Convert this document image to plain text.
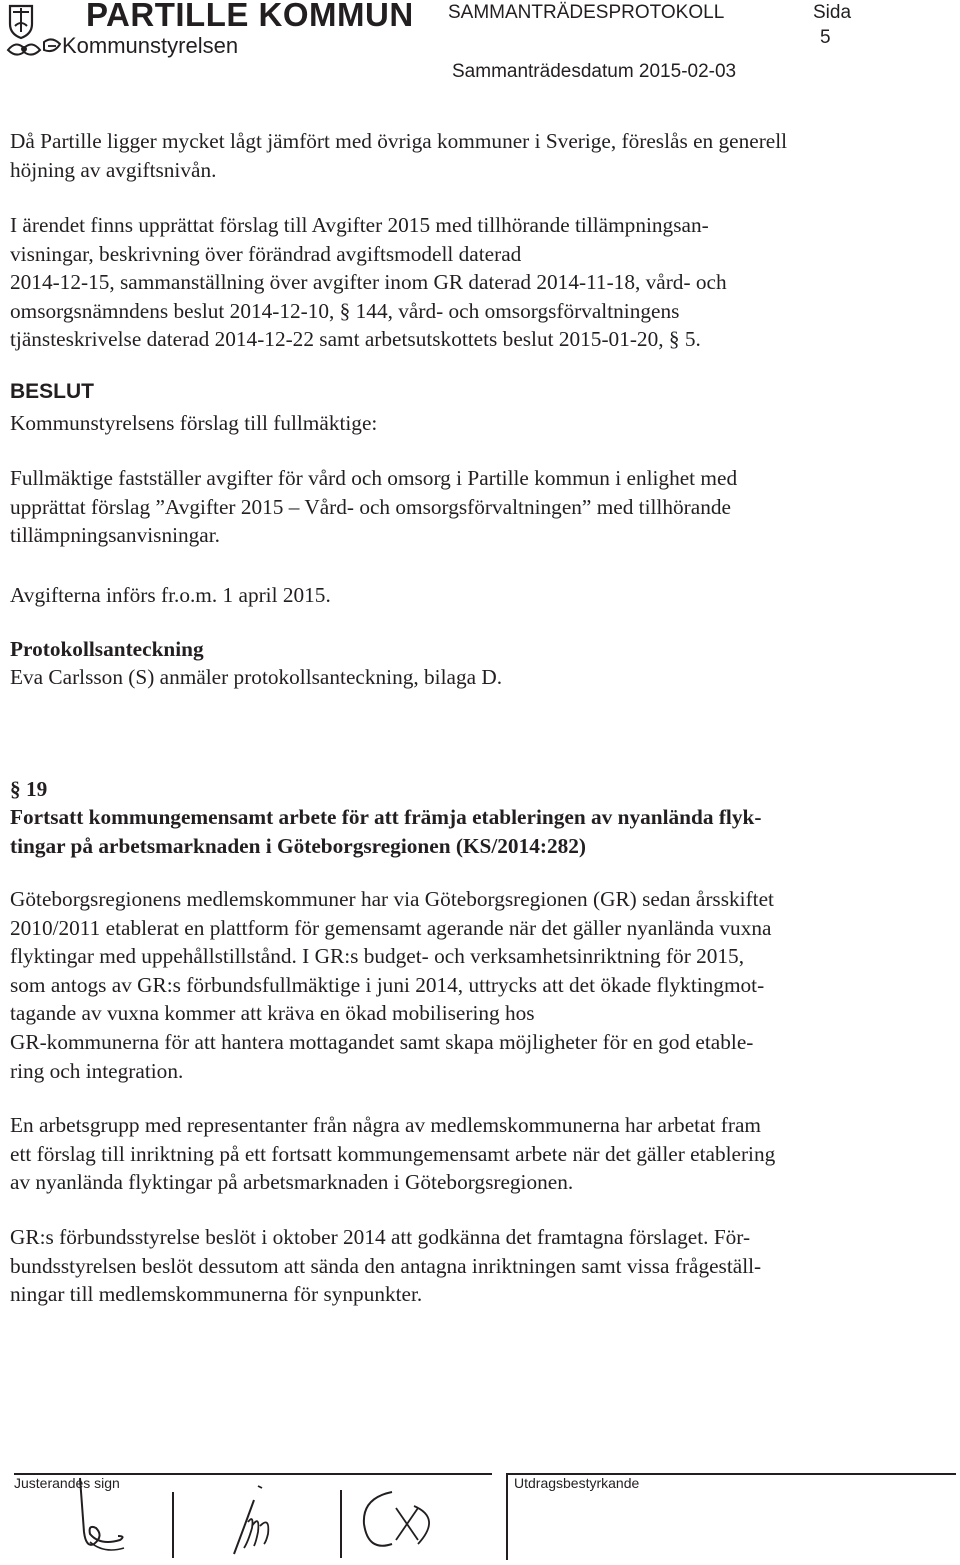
PARTILLE KOMMUN
Kommunstyrelsen
SAMMANTRÄDESPROTOKOLL	Sida
5
Sammanträdesdatum 2015-02-03
Då Partille ligger mycket lågt jämfört med övriga kommuner i Sverige, föreslås en generell
höjning av avgiftsnivån.
I ärendet finns upprättat förslag till Avgifter 2015 med tillhörande tillämpningsan-
visningar, beskrivning över förändrad avgiftsmodell daterad
2014-12-15, sammanställning över avgifter inom GR daterad 2014-11-18, vård- och
omsorgsnämndens beslut 2014-12-10, § 144, vård- och omsorgsförvaltningens
tjänsteskrivelse daterad 2014-12-22 samt arbetsutskottets beslut 2015-01-20, § 5.
BESLUT
Kommunstyrelsens förslag till fullmäktige:
Fullmäktige fastställer avgifter för vård och omsorg i Partille kommun i enlighet med
upprättat förslag ”Avgifter 2015 – Vård- och omsorgsförvaltningen” med tillhörande
tillämpningsanvisningar.
Avgifterna införs fr.o.m. 1 april 2015.
Protokollsanteckning
Eva Carlsson (S) anmäler protokollsanteckning, bilaga D.
§ 19
Fortsatt kommungemensamt arbete för att främja etableringen av nyanlända flyk-
tingar på arbetsmarknaden i Göteborgsregionen (KS/2014:282)
Göteborgsregionens medlemskommuner har via Göteborgsregionen (GR) sedan årsskiftet
2010/2011 etablerat en plattform för gemensamt agerande när det gäller nyanlända vuxna
flyktingar med uppehållstillstånd. I GR:s budget- och verksamhetsinriktning för 2015,
som antogs av GR:s förbundsfullmäktige i juni 2014, uttrycks att det ökade flyktingmot-
tagande av vuxna kommer att kräva en ökad mobilisering hos
GR-kommunerna för att hantera mottagandet samt skapa möjligheter för en god etable-
ring och integration.
En arbetsgrupp med representanter från några av medlemskommunerna har arbetat fram
ett förslag till inriktning på ett fortsatt kommungemensamt arbete när det gäller etablering
av nyanlända flyktingar på arbetsmarknaden i Göteborgsregionen.
GR:s förbundsstyrelse beslöt i oktober 2014 att godkänna det framtagna förslaget. För-
bundsstyrelsen beslöt dessutom att sända den antagna inriktningen samt vissa frågeställ-
ningar till medlemskommunerna för synpunkter.
Justerandes sign	Utdragsbestyrkande
